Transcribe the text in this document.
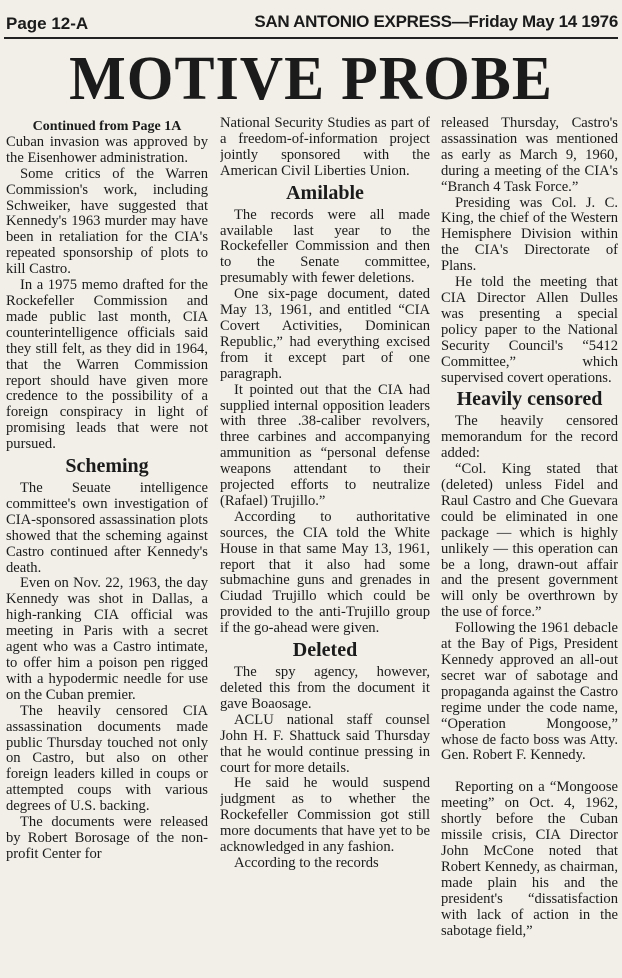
Page 12-A	SAN ANTONIO EXPRESS—Friday May 14 1976
MOTIVE PROBE

Continued from Page 1A

Cuban invasion was approved by the Eisenhower administration.

Some critics of the Warren Commission's work, including Schweiker, have suggested that Kennedy's 1963 murder may have been in retaliation for the CIA's repeated sponsorship of plots to kill Castro.

In a 1975 memo drafted for the Rockefeller Commission and made public last month, CIA counterintelligence officials said they still felt, as they did in 1964, that the Warren Commission report should have given more credence to the possibility of a foreign conspiracy in light of promising leads that were not pursued.

Scheming

The Seuate intelligence committee's own investigation of CIA-sponsored assassination plots showed that the scheming against Castro continued after Kennedy's death.

Even on Nov. 22, 1963, the day Kennedy was shot in Dallas, a high-ranking CIA official was meeting in Paris with a secret agent who was a Castro intimate, to offer him a poison pen rigged with a hypodermic needle for use on the Cuban premier.

The heavily censored CIA assassination documents made public Thursday touched not only on Castro, but also on other foreign leaders killed in coups or attempted coups with various degrees of U.S. backing.

The documents were released by Robert Borosage of the non-profit Center for

National Security Studies as part of a freedom-of-information project jointly sponsored with the American Civil Liberties Union.

Amilable

The records were all made available last year to the Rockefeller Commission and then to the Senate committee, presumably with fewer deletions.

One six-page document, dated May 13, 1961, and entitled “CIA Covert Activities, Dominican Republic,” had everything excised from it except part of one paragraph.

It pointed out that the CIA had supplied internal opposition leaders with three .38-caliber revolvers, three carbines and accompanying ammunition as “personal defense weapons attendant to their projected efforts to neutralize (Rafael) Trujillo.”

According to authoritative sources, the CIA told the White House in that same May 13, 1961, report that it also had some submachine guns and grenades in Ciudad Trujillo which could be provided to the anti-Trujillo group if the go-ahead were given.

Deleted

The spy agency, however, deleted this from the document it gave Boaosage.

ACLU national staff counsel John H. F. Shattuck said Thursday that he would continue pressing in court for more details.

He said he would suspend judgment as to whether the Rockefeller Commission got still more documents that have yet to be acknowledged in any fashion.

According to the records

released Thursday, Castro's assassination was mentioned as early as March 9, 1960, during a meeting of the CIA's “Branch 4 Task Force.”

Presiding was Col. J. C. King, the chief of the Western Hemisphere Division within the CIA's Directorate of Plans.

He told the meeting that CIA Director Allen Dulles was presenting a special policy paper to the National Security Council's “5412 Committee,” which supervised covert operations.

Heavily censored

The heavily censored memorandum for the record added:

“Col. King stated that (deleted) unless Fidel and Raul Castro and Che Guevara could be eliminated in one package — which is highly unlikely — this operation can be a long, drawn-out affair and the present government will only be overthrown by the use of force.”

Following the 1961 debacle at the Bay of Pigs, President Kennedy approved an all-out secret war of sabotage and propaganda against the Castro regime under the code name, “Operation Mongoose,” whose de facto boss was Atty. Gen. Robert F. Kennedy.

Reporting on a “Mongoose meeting” on Oct. 4, 1962, shortly before the Cuban missile crisis, CIA Director John McCone noted that Robert Kennedy, as chairman, made plain his and the president's “dissatisfaction with lack of action in the sabotage field,”
